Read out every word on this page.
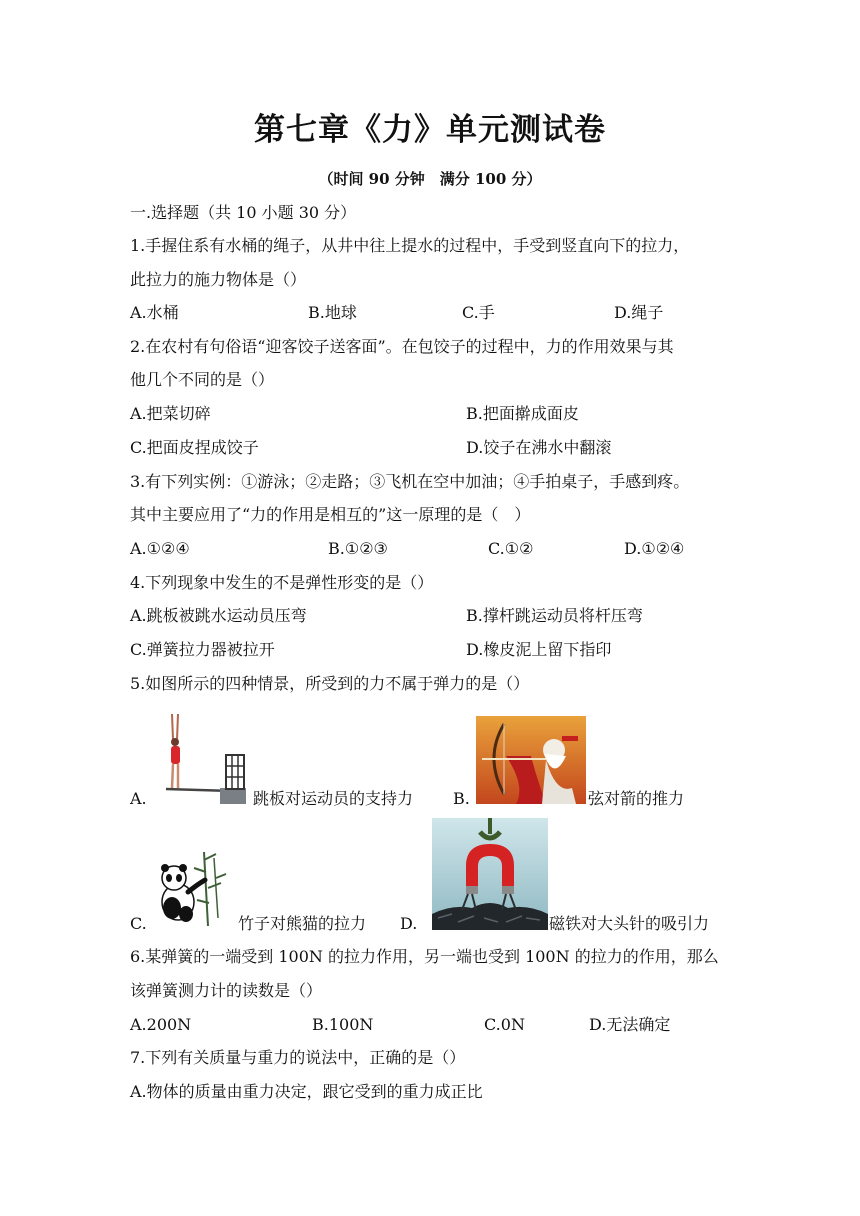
第七章《力》单元测试卷
（时间 90 分钟　满分 100 分）
一.选择题（共 10 小题 30 分）
1.手握住系有水桶的绳子，从井中往上提水的过程中，手受到竖直向下的拉力，
此拉力的施力物体是（）
A.水桶	B.地球	C.手	D.绳子
2.在农村有句俗语“迎客饺子送客面”。在包饺子的过程中，力的作用效果与其
他几个不同的是（）
A.把菜切碎	B.把面擀成面皮
C.把面皮捏成饺子	D.饺子在沸水中翻滚
3.有下列实例：①游泳；②走路；③飞机在空中加油；④手拍桌子，手感到疼。
其中主要应用了“力的作用是相互的”这一原理的是（　）
A.①②④	B.①②③	C.①②	D.①②④
4.下列现象中发生的不是弹性形变的是（）
A.跳板被跳水运动员压弯	B.撑杆跳运动员将杆压弯
C.弹簧拉力器被拉开	D.橡皮泥上留下指印
5.如图所示的四种情景，所受到的力不属于弹力的是（）
A.	跳板对运动员的支持力 B.	弦对箭的推力
C.	竹子对熊猫的拉力 D.	磁铁对大头针的吸引力
6.某弹簧的一端受到 100N 的拉力作用，另一端也受到 100N 的拉力的作用，那么
该弹簧测力计的读数是（）
A.200N	B.100N	C.0N	D.无法确定
7.下列有关质量与重力的说法中，正确的是（）
A.物体的质量由重力决定，跟它受到的重力成正比
